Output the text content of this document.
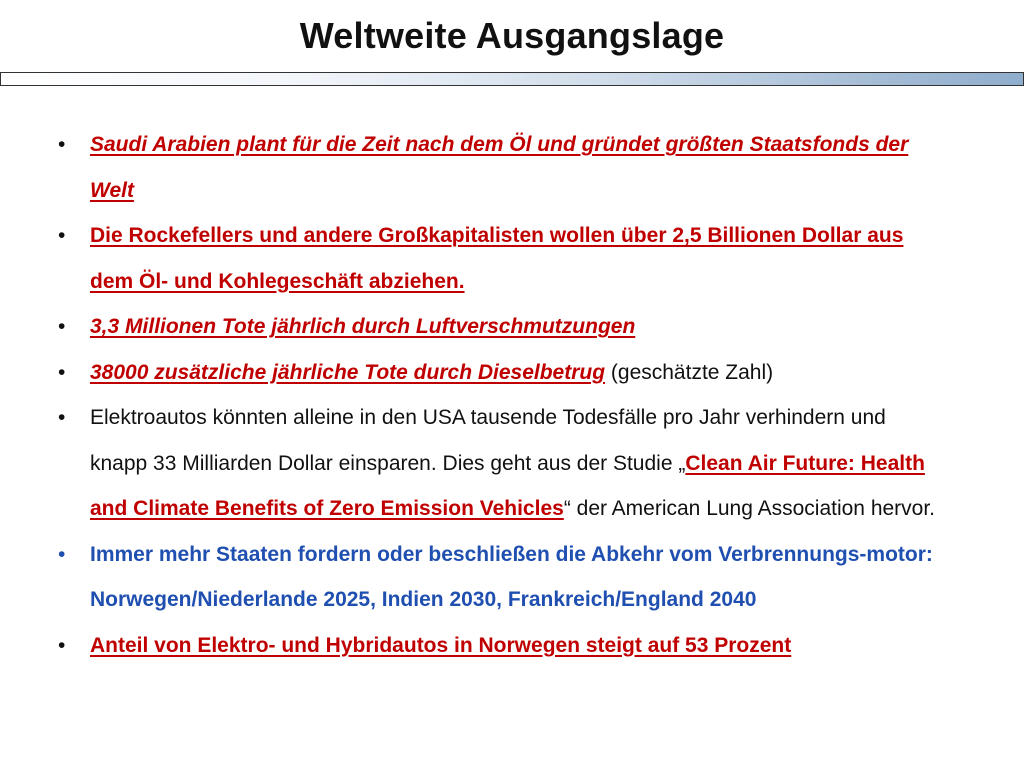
Weltweite Ausgangslage
• Saudi Arabien plant für die Zeit nach dem Öl und gründet größten Staatsfonds der Welt
• Die Rockefellers und andere Großkapitalisten wollen über 2,5 Billionen Dollar aus dem Öl- und Kohlegeschäft abziehen.
• 3,3 Millionen Tote jährlich durch Luftverschmutzungen
• 38000 zusätzliche jährliche Tote durch Dieselbetrug (geschätzte Zahl)
• Elektroautos könnten alleine in den USA tausende Todesfälle pro Jahr verhindern und knapp 33 Milliarden Dollar einsparen. Dies geht aus der Studie „Clean Air Future: Health and Climate Benefits of Zero Emission Vehicles“ der American Lung Association hervor.
• Immer mehr Staaten fordern oder beschließen die Abkehr vom Verbrennungs-motor: Norwegen/Niederlande 2025, Indien 2030, Frankreich/England 2040
• Anteil von Elektro- und Hybridautos in Norwegen steigt auf 53 Prozent
